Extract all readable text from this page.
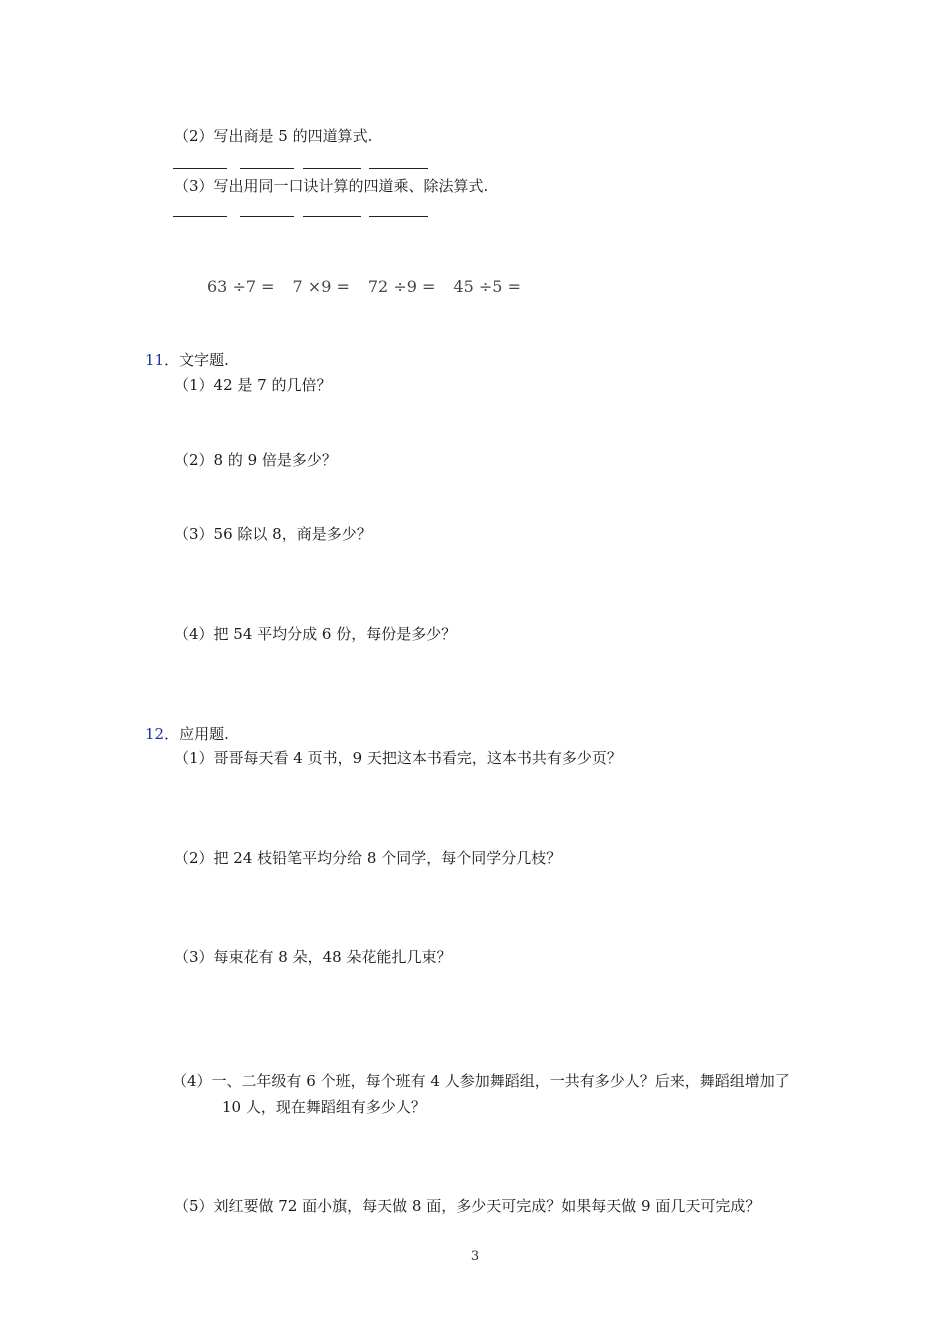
（2）写出商是 5 的四道算式.
（3）写出用同一口诀计算的四道乘、除法算式.
63 ÷7 = 7 ×9 = 72 ÷9 = 45 ÷5 =
11．文字题.
（1）42 是 7 的几倍？
（2）8 的 9 倍是多少？
（3）56 除以 8，商是多少？
（4）把 54 平均分成 6 份，每份是多少？
12．应用题.
（1）哥哥每天看 4 页书，9 天把这本书看完，这本书共有多少页？
（2）把 24 枝铅笔平均分给 8 个同学，每个同学分几枝？
（3）每束花有 8 朵，48 朵花能扎几束？
（4）一、二年级有 6 个班，每个班有 4 人参加舞蹈组，一共有多少人？后来，舞蹈组增加了
10 人，现在舞蹈组有多少人？
（5）刘红要做 72 面小旗，每天做 8 面，多少天可完成？如果每天做 9 面几天可完成？
3
